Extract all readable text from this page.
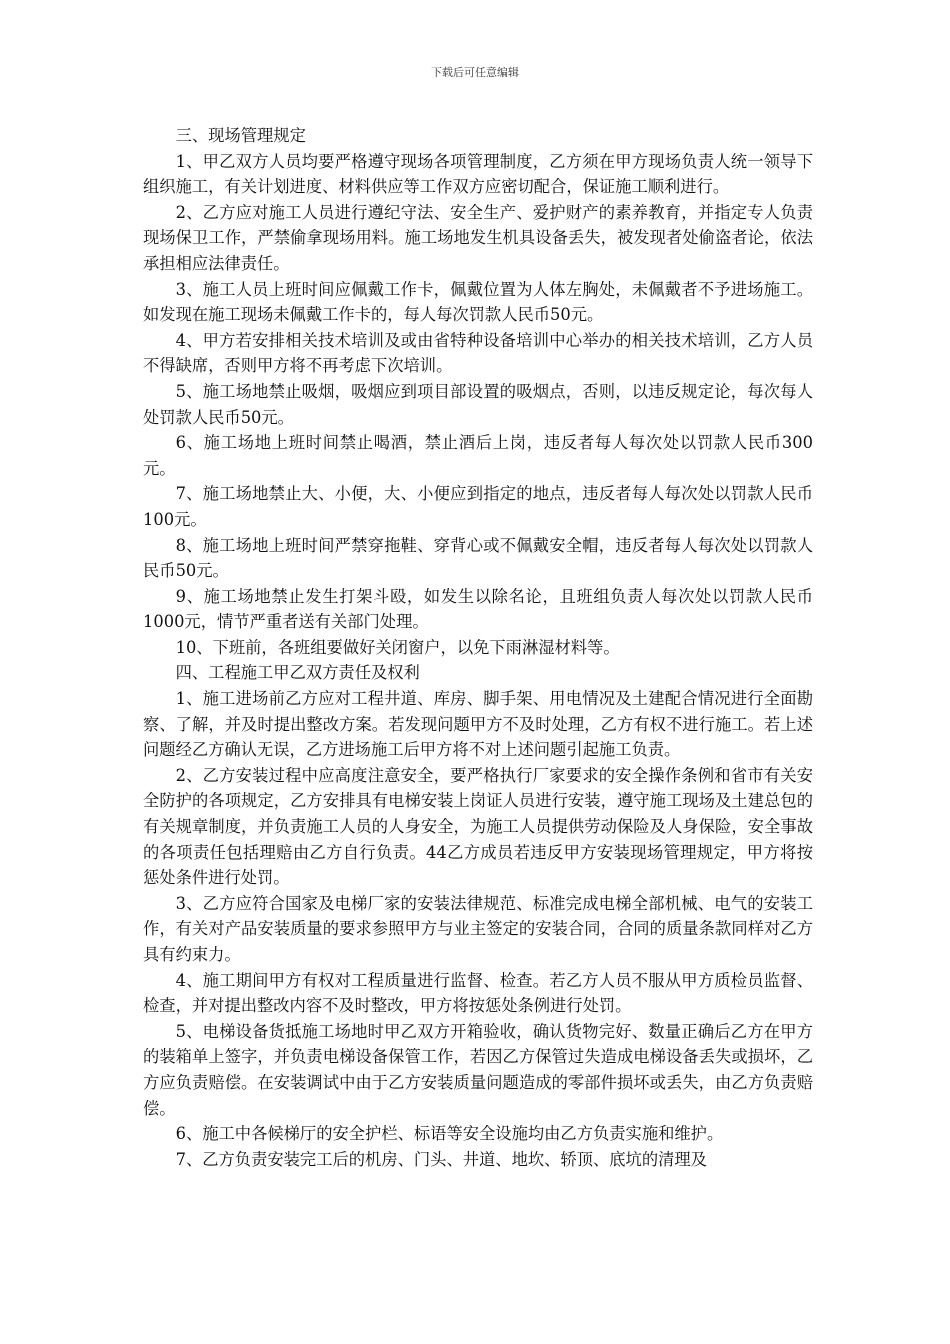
下载后可任意编辑

三、现场管理规定

1、甲乙双方人员均要严格遵守现场各项管理制度，乙方须在甲方现场负责人统一领导下组织施工，有关计划进度、材料供应等工作双方应密切配合，保证施工顺利进行。

2、乙方应对施工人员进行遵纪守法、安全生产、爱护财产的素养教育，并指定专人负责现场保卫工作，严禁偷拿现场用料。施工场地发生机具设备丢失，被发现者处偷盗者论，依法承担相应法律责任。

3、施工人员上班时间应佩戴工作卡，佩戴位置为人体左胸处，未佩戴者不予进场施工。如发现在施工现场未佩戴工作卡的，每人每次罚款人民币50元。

4、甲方若安排相关技术培训及或由省特种设备培训中心举办的相关技术培训，乙方人员不得缺席，否则甲方将不再考虑下次培训。

5、施工场地禁止吸烟，吸烟应到项目部设置的吸烟点，否则，以违反规定论，每次每人处罚款人民币50元。

6、施工场地上班时间禁止喝酒，禁止酒后上岗，违反者每人每次处以罚款人民币300元。

7、施工场地禁止大、小便，大、小便应到指定的地点，违反者每人每次处以罚款人民币100元。

8、施工场地上班时间严禁穿拖鞋、穿背心或不佩戴安全帽，违反者每人每次处以罚款人民币50元。

9、施工场地禁止发生打架斗殴，如发生以除名论，且班组负责人每次处以罚款人民币1000元，情节严重者送有关部门处理。

10、下班前，各班组要做好关闭窗户，以免下雨淋湿材料等。

四、工程施工甲乙双方责任及权利

1、施工进场前乙方应对工程井道、库房、脚手架、用电情况及土建配合情况进行全面勘察、了解，并及时提出整改方案。若发现问题甲方不及时处理，乙方有权不进行施工。若上述问题经乙方确认无误，乙方进场施工后甲方将不对上述问题引起施工负责。

2、乙方安装过程中应高度注意安全，要严格执行厂家要求的安全操作条例和省市有关安全防护的各项规定，乙方安排具有电梯安装上岗证人员进行安装，遵守施工现场及土建总包的有关规章制度，并负责施工人员的人身安全，为施工人员提供劳动保险及人身保险，安全事故的各项责任包括理赔由乙方自行负责。44乙方成员若违反甲方安装现场管理规定，甲方将按惩处条件进行处罚。

3、乙方应符合国家及电梯厂家的安装法律规范、标准完成电梯全部机械、电气的安装工作，有关对产品安装质量的要求参照甲方与业主签定的安装合同，合同的质量条款同样对乙方具有约束力。

4、施工期间甲方有权对工程质量进行监督、检查。若乙方人员不服从甲方质检员监督、检查，并对提出整改内容不及时整改，甲方将按惩处条例进行处罚。

5、电梯设备货抵施工场地时甲乙双方开箱验收，确认货物完好、数量正确后乙方在甲方的装箱单上签字，并负责电梯设备保管工作，若因乙方保管过失造成电梯设备丢失或损坏，乙方应负责赔偿。在安装调试中由于乙方安装质量问题造成的零部件损坏或丢失，由乙方负责赔偿。

6、施工中各候梯厅的安全护栏、标语等安全设施均由乙方负责实施和维护。

7、乙方负责安装完工后的机房、门头、井道、地坎、轿顶、底坑的清理及
